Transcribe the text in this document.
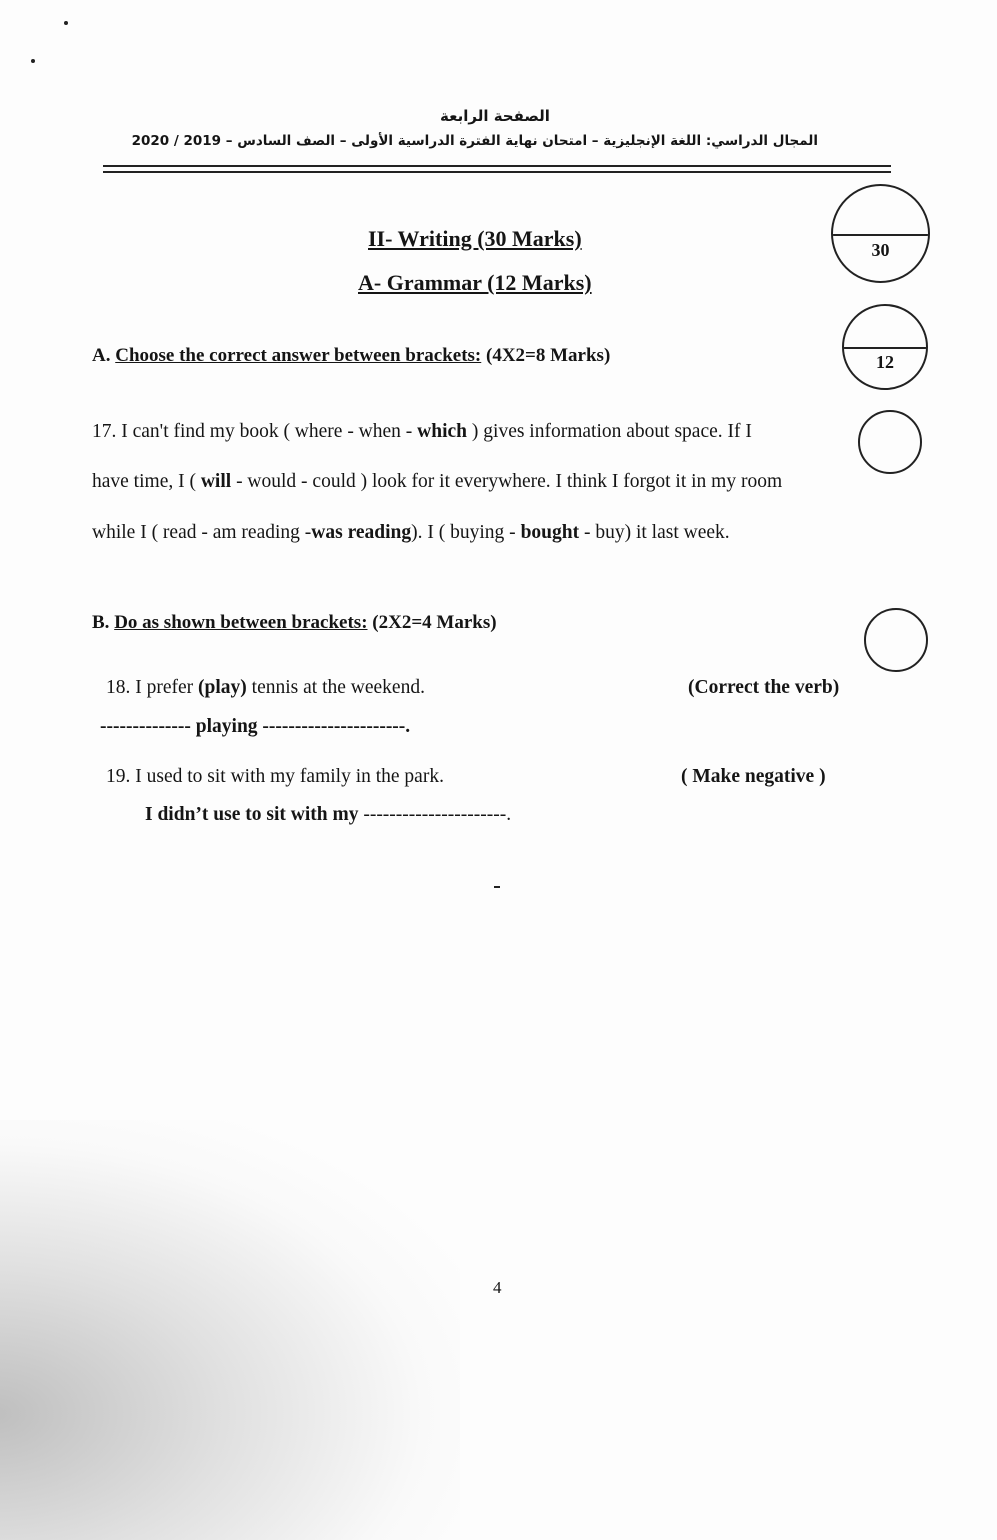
الصفحة الرابعة
المجال الدراسي: اللغة الإنجليزية – امتحان نهاية الفترة الدراسية الأولى – الصف السادس – 2019 / 2020
II- Writing (30 Marks)
A- Grammar (12 Marks)
30
12
A. Choose the correct answer between brackets: (4X2=8 Marks)
17. I can't find my book ( where - when - which ) gives information about space. If I
have time, I ( will - would - could ) look for it everywhere. I think I forgot it in my room
while I ( read - am reading -was reading). I ( buying - bought - buy) it last week.
B. Do as shown between brackets: (2X2=4 Marks)
18. I prefer (play) tennis at the weekend.	(Correct the verb)
-------------- playing ----------------------.
19. I used to sit with my family in the park.	( Make negative )
I didn’t use to sit with my ----------------------.
4
